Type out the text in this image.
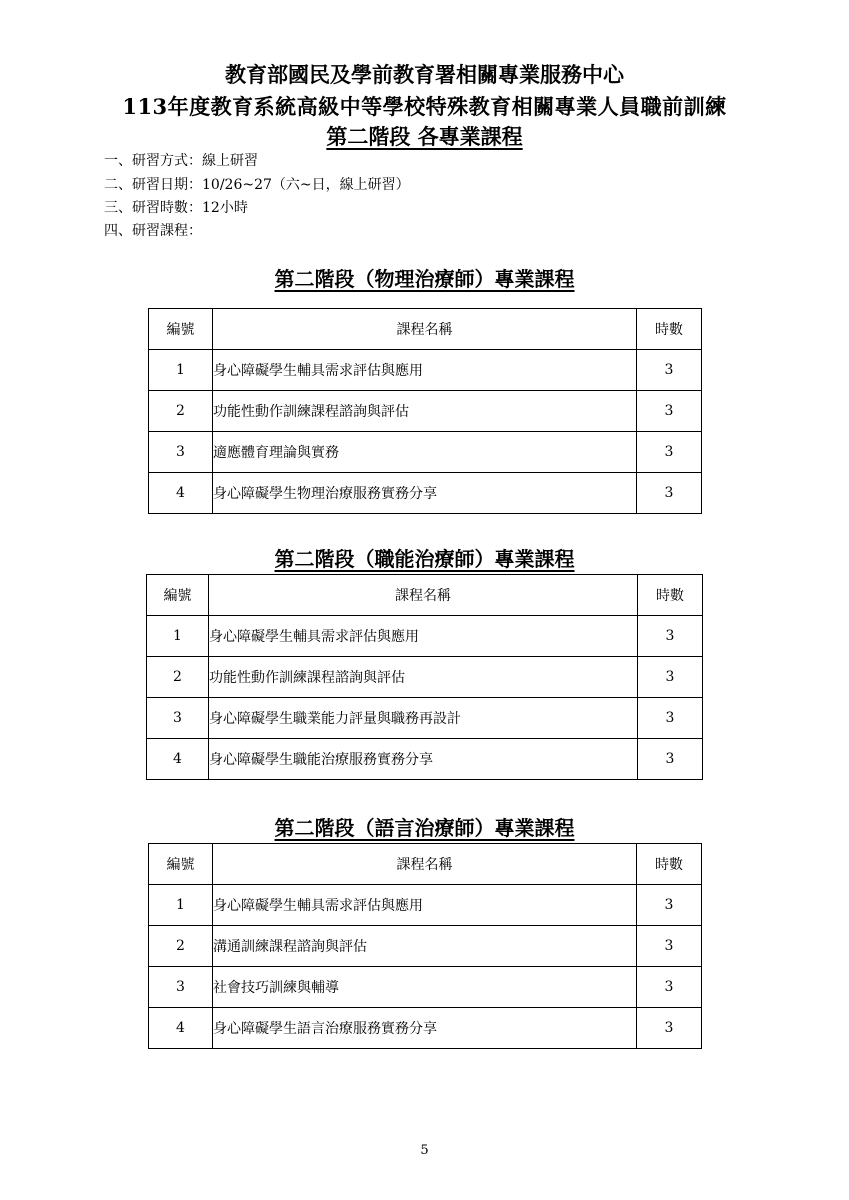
教育部國民及學前教育署相關專業服務中心
113年度教育系統高級中等學校特殊教育相關專業人員職前訓練
第二階段 各專業課程
一、研習方式：線上研習
二、研習日期：10/26~27（六~日，線上研習）
三、研習時數：12小時
四、研習課程：
第二階段（物理治療師）專業課程
編號	課程名稱	時數
1	身心障礙學生輔具需求評估與應用	3
2	功能性動作訓練課程諮詢與評估	3
3	適應體育理論與實務	3
4	身心障礙學生物理治療服務實務分享	3
第二階段（職能治療師）專業課程
編號	課程名稱	時數
1	身心障礙學生輔具需求評估與應用	3
2	功能性動作訓練課程諮詢與評估	3
3	身心障礙學生職業能力評量與職務再設計	3
4	身心障礙學生職能治療服務實務分享	3
第二階段（語言治療師）專業課程
編號	課程名稱	時數
1	身心障礙學生輔具需求評估與應用	3
2	溝通訓練課程諮詢與評估	3
3	社會技巧訓練與輔導	3
4	身心障礙學生語言治療服務實務分享	3
5
